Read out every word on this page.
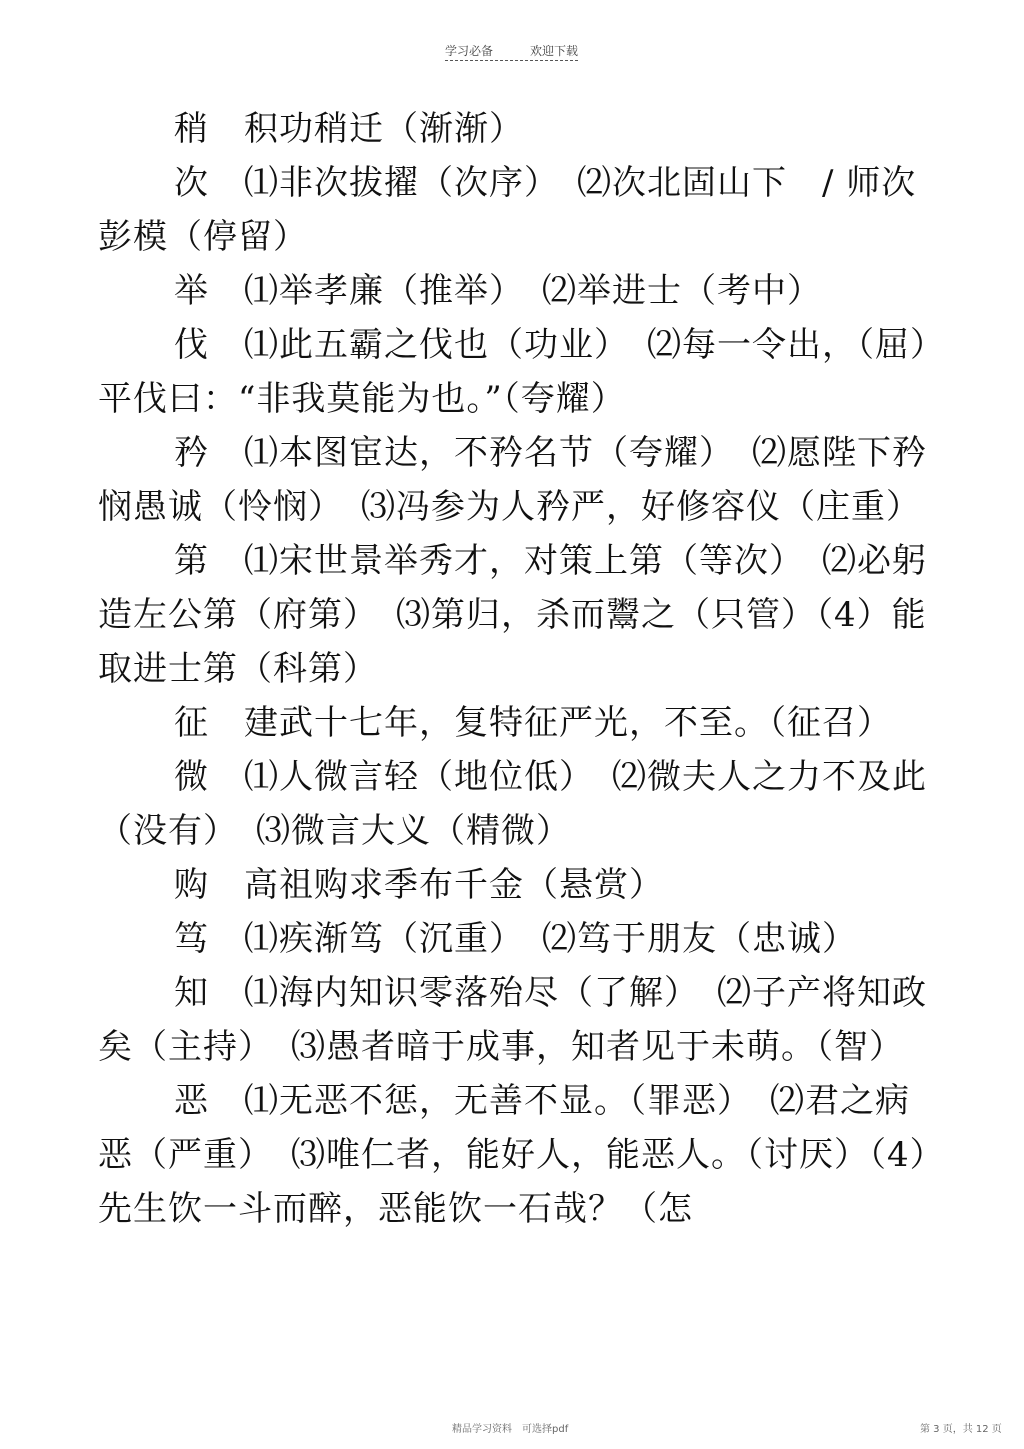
学习必备	欢迎下载

稍　积功稍迁（渐渐）

次　⑴非次拔擢（次序）　⑵次北固山下　/ 师次彭模（停留）

举　⑴举孝廉（推举）　⑵举进士（考中）

伐　⑴此五霸之伐也（功业）　⑵每一令出，（屈）平伐曰：“非我莫能为也。”（夸耀）

矜　⑴本图宦达，不矜名节（夸耀）　⑵愿陛下矜悯愚诚（怜悯）　⑶冯参为人矜严，好修容仪（庄重）

第　⑴宋世景举秀才，对策上第（等次）　⑵必躬造左公第（府第）　⑶第归，杀而鬻之（只管）（4）能取进士第（科第）

征　建武十七年，复特征严光，不至。（征召）

微　⑴人微言轻（地位低）　⑵微夫人之力不及此（没有）　⑶微言大义（精微）

购　高祖购求季布千金（悬赏）

笃　⑴疾渐笃（沉重）　⑵笃于朋友（忠诚）

知　⑴海内知识零落殆尽（了解）　⑵子产将知政矣（主持）　⑶愚者暗于成事，知者见于未萌。（智）

恶　⑴无恶不惩，无善不显。（罪恶）　⑵君之病恶（严重）　⑶唯仁者，能好人，能恶人。（讨厌）（4）先生饮一斗而醉，恶能饮一石哉？（怎

精品学习资料　可选择pdf	第 3 页，共 12 页
